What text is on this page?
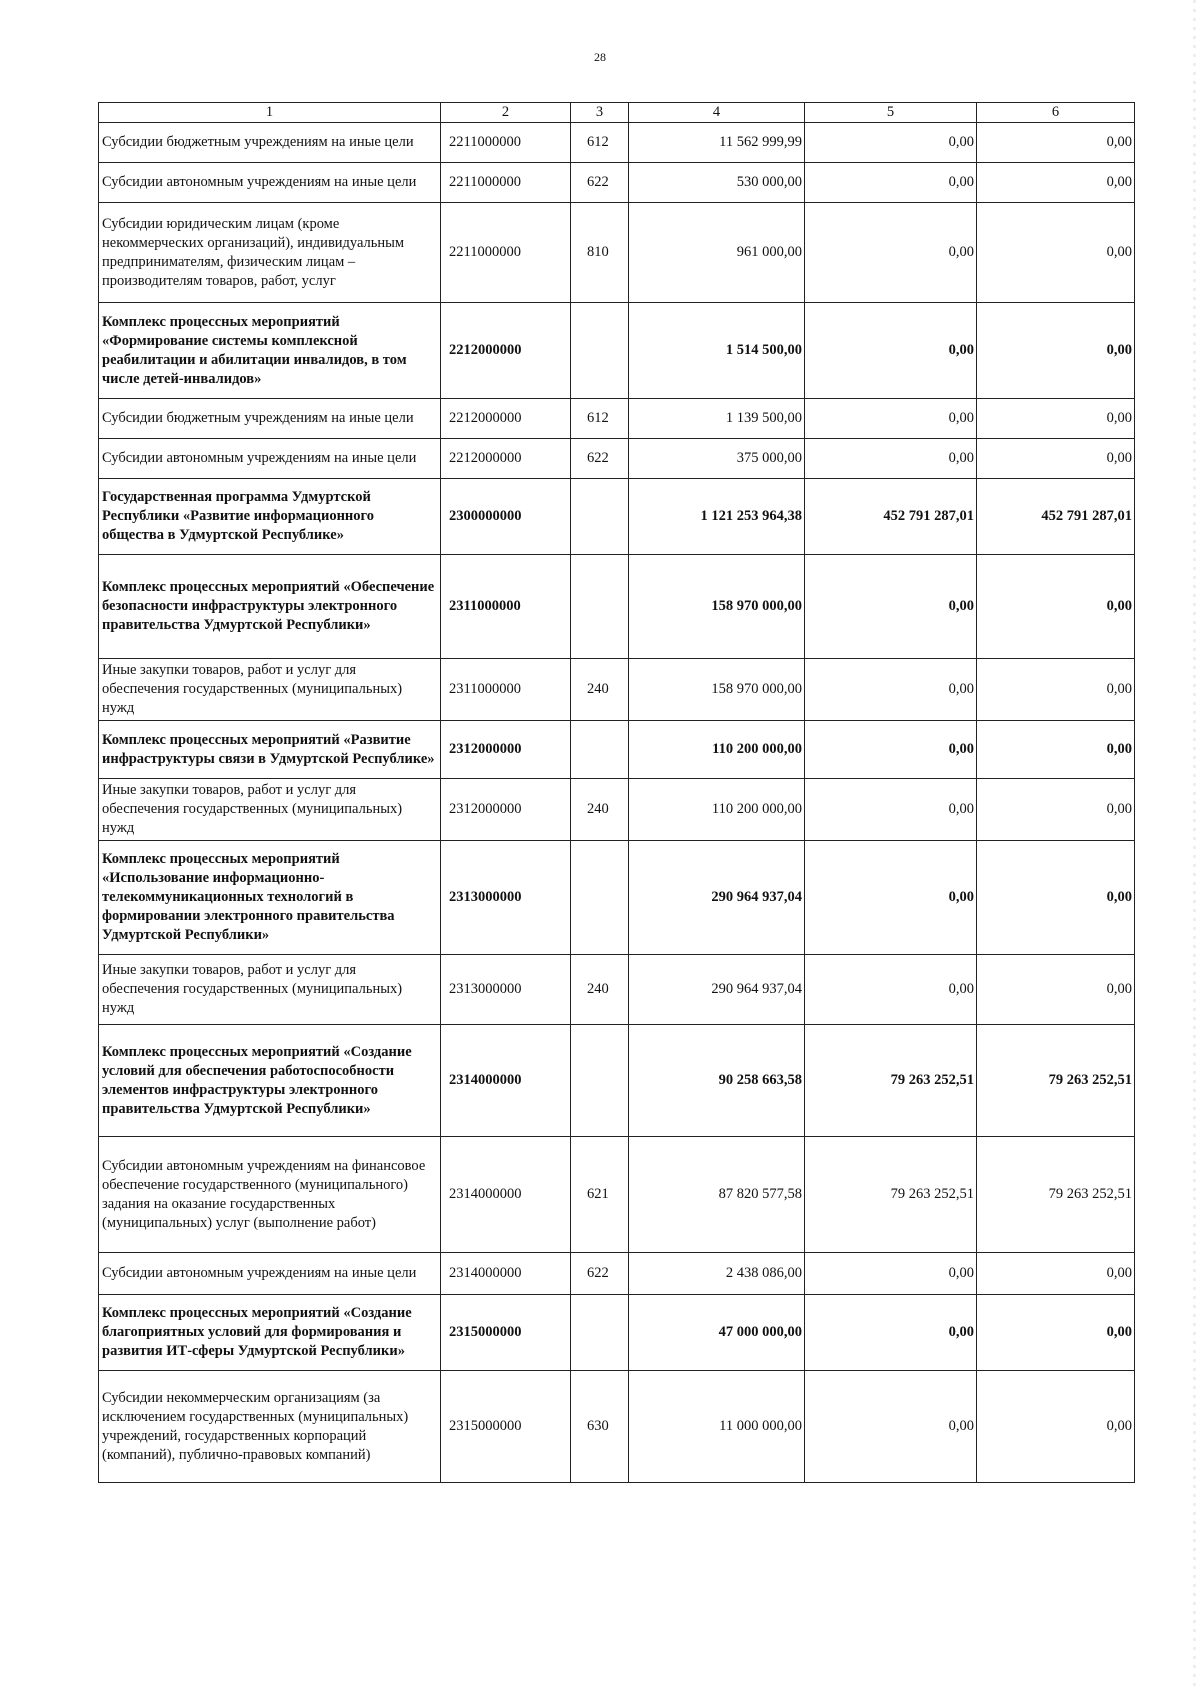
28
1	2	3	4	5	6
Субсидии бюджетным учреждениям на иные цели	2211000000	612	11 562 999,99	0,00	0,00
Субсидии автономным учреждениям на иные цели	2211000000	622	530 000,00	0,00	0,00
Субсидии юридическим лицам (кроме некоммерческих организаций), индивидуальным предпринимателям, физическим лицам – производителям товаров, работ, услуг	2211000000	810	961 000,00	0,00	0,00
Комплекс процессных мероприятий «Формирование системы комплексной реабилитации и абилитации инвалидов, в том числе детей-инвалидов»	2212000000		1 514 500,00	0,00	0,00
Субсидии бюджетным учреждениям на иные цели	2212000000	612	1 139 500,00	0,00	0,00
Субсидии автономным учреждениям на иные цели	2212000000	622	375 000,00	0,00	0,00
Государственная программа Удмуртской Республики «Развитие информационного общества в Удмуртской Республике»	2300000000		1 121 253 964,38	452 791 287,01	452 791 287,01
Комплекс процессных мероприятий «Обеспечение безопасности инфраструктуры электронного правительства Удмуртской Республики»	2311000000		158 970 000,00	0,00	0,00
Иные закупки товаров, работ и услуг для обеспечения государственных (муниципальных) нужд	2311000000	240	158 970 000,00	0,00	0,00
Комплекс процессных мероприятий «Развитие инфраструктуры связи в Удмуртской Республике»	2312000000		110 200 000,00	0,00	0,00
Иные закупки товаров, работ и услуг для обеспечения государственных (муниципальных) нужд	2312000000	240	110 200 000,00	0,00	0,00
Комплекс процессных мероприятий «Использование информационно-телекоммуникационных технологий в формировании электронного правительства Удмуртской Республики»	2313000000		290 964 937,04	0,00	0,00
Иные закупки товаров, работ и услуг для обеспечения государственных (муниципальных) нужд	2313000000	240	290 964 937,04	0,00	0,00
Комплекс процессных мероприятий «Создание условий для обеспечения работоспособности элементов инфраструктуры электронного правительства Удмуртской Республики»	2314000000		90 258 663,58	79 263 252,51	79 263 252,51
Субсидии автономным учреждениям на финансовое обеспечение государственного (муниципального) задания на оказание государственных (муниципальных) услуг (выполнение работ)	2314000000	621	87 820 577,58	79 263 252,51	79 263 252,51
Субсидии автономным учреждениям на иные цели	2314000000	622	2 438 086,00	0,00	0,00
Комплекс процессных мероприятий «Создание благоприятных условий для формирования и развития ИТ-сферы Удмуртской Республики»	2315000000		47 000 000,00	0,00	0,00
Субсидии некоммерческим организациям (за исключением государственных (муниципальных) учреждений, государственных корпораций (компаний), публично-правовых компаний)	2315000000	630	11 000 000,00	0,00	0,00
